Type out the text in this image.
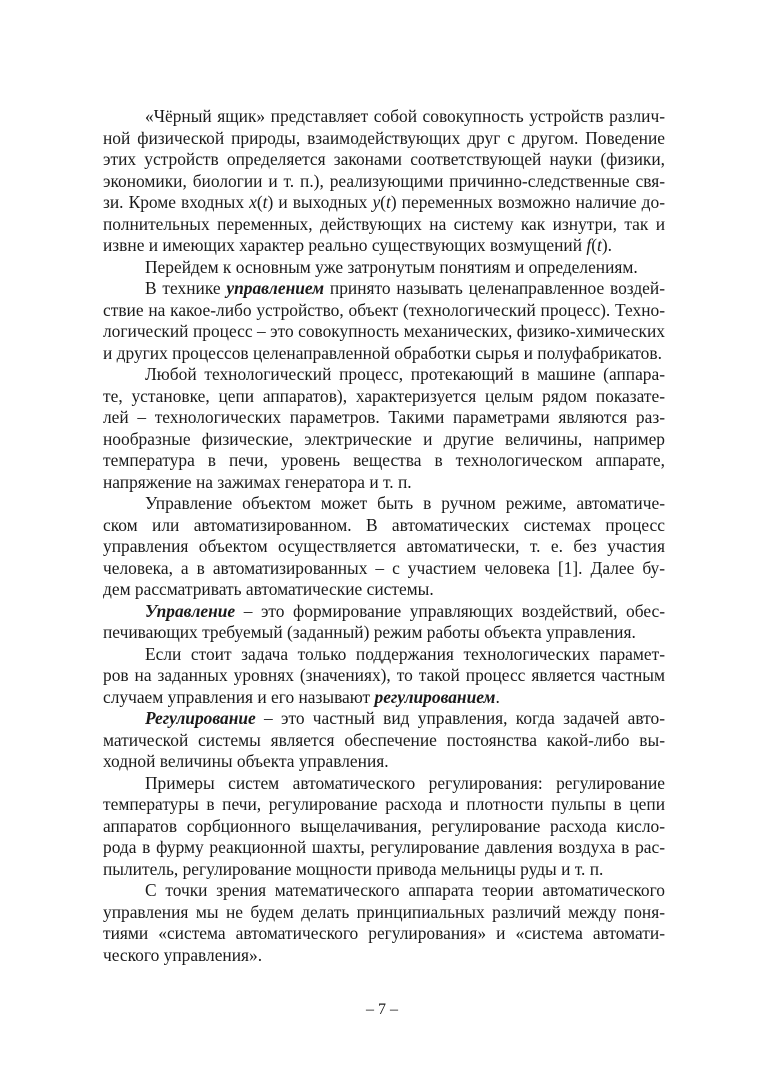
«Чёрный ящик» представляет собой совокупность устройств различ-
ной физической природы, взаимодействующих друг с другом. Поведение
этих устройств определяется законами соответствующей науки (физики,
экономики, биологии и т. п.), реализующими причинно-следственные свя-
зи. Кроме входных x(t) и выходных y(t) переменных возможно наличие до-
полнительных переменных, действующих на систему как изнутри, так и
извне и имеющих характер реально существующих возмущений f(t).
Перейдем к основным уже затронутым понятиям и определениям.
В технике управлением принято называть целенаправленное воздей-
ствие на какое-либо устройство, объект (технологический процесс). Техно-
логический процесс – это совокупность механических, физико-химических
и других процессов целенаправленной обработки сырья и полуфабрикатов.
Любой технологический процесс, протекающий в машине (аппара-
те, установке, цепи аппаратов), характеризуется целым рядом показате-
лей – технологических параметров. Такими параметрами являются раз-
нообразные физические, электрические и другие величины, например
температура в печи, уровень вещества в технологическом аппарате,
напряжение на зажимах генератора и т. п.
Управление объектом может быть в ручном режиме, автоматиче-
ском или автоматизированном. В автоматических системах процесс
управления объектом осуществляется автоматически, т. е. без участия
человека, а в автоматизированных – с участием человека [1]. Далее бу-
дем рассматривать автоматические системы.
Управление – это формирование управляющих воздействий, обес-
печивающих требуемый (заданный) режим работы объекта управления.
Если стоит задача только поддержания технологических парамет-
ров на заданных уровнях (значениях), то такой процесс является частным
случаем управления и его называют регулированием.
Регулирование – это частный вид управления, когда задачей авто-
матической системы является обеспечение постоянства какой-либо вы-
ходной величины объекта управления.
Примеры систем автоматического регулирования: регулирование
температуры в печи, регулирование расхода и плотности пульпы в цепи
аппаратов сорбционного выщелачивания, регулирование расхода кисло-
рода в фурму реакционной шахты, регулирование давления воздуха в рас-
пылитель, регулирование мощности привода мельницы руды и т. п.
С точки зрения математического аппарата теории автоматического
управления мы не будем делать принципиальных различий между поня-
тиями «система автоматического регулирования» и «система автомати-
ческого управления».
– 7 –
